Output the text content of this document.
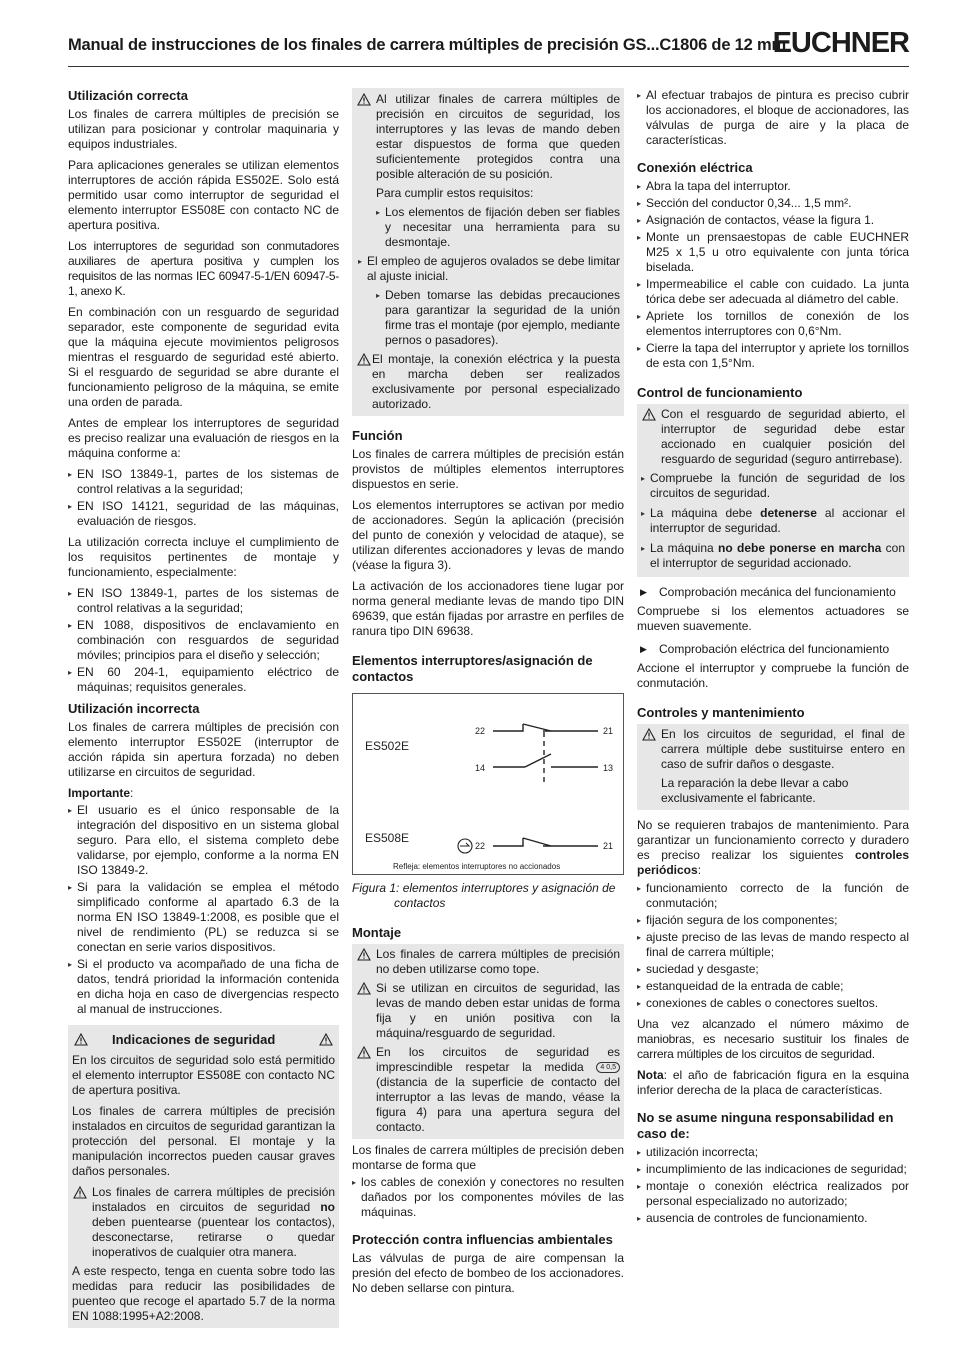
Manual de instrucciones de los finales de carrera múltiples de precisión GS...C1806 de 12 mm
EUCHNER
Utilización correcta

Los finales de carrera múltiples de precisión se utilizan para posicionar y controlar maquinaria y equipos industriales.

Para aplicaciones generales se utilizan elementos interruptores de acción rápida ES502E. Solo está permitido usar como interruptor de seguridad el elemento interruptor ES508E con contacto NC de apertura positiva.

Los interruptores de seguridad son conmutadores auxiliares de apertura positiva y cumplen los requisitos de las normas IEC 60947-5-1/EN 60947-5-1, anexo K.

En combinación con un resguardo de seguridad separador, este componente de seguridad evita que la máquina ejecute movimientos peligrosos mientras el resguardo de seguridad esté abierto. Si el resguardo de seguridad se abre durante el funcionamiento peligroso de la máquina, se emite una orden de parada.

Antes de emplear los interruptores de seguridad es preciso realizar una evaluación de riesgos en la máquina conforme a:

▸ EN ISO 13849-1, partes de los sistemas de control relativas a la seguridad;
▸ EN ISO 14121, seguridad de las máquinas, evaluación de riesgos.

La utilización correcta incluye el cumplimiento de los requisitos pertinentes de montaje y funcionamiento, especialmente:

▸ EN ISO 13849-1, partes de los sistemas de control relativas a la seguridad;
▸ EN 1088, dispositivos de enclavamiento en combinación con resguardos de seguridad móviles; principios para el diseño y selección;
▸ EN 60 204-1, equipamiento eléctrico de máquinas; requisitos generales.
Utilización incorrecta

Los finales de carrera múltiples de precisión con elemento interruptor ES502E (interruptor de acción rápida sin apertura forzada) no deben utilizarse en circuitos de seguridad.

Importante:

▸ El usuario es el único responsable de la integración del dispositivo en un sistema global seguro. Para ello, el sistema completo debe validarse, por ejemplo, conforme a la norma EN ISO 13849-2.
▸ Si para la validación se emplea el método simplificado conforme al apartado 6.3 de la norma EN ISO 13849-1:2008, es posible que el nivel de rendimiento (PL) se reduzca si se conectan en serie varios dispositivos.
▸ Si el producto va acompañado de una ficha de datos, tendrá prioridad la información contenida en dicha hoja en caso de divergencias respecto al manual de instrucciones.
Indicaciones de seguridad

En los circuitos de seguridad solo está permitido el elemento interruptor ES508E con contacto NC de apertura positiva.

Los finales de carrera múltiples de precisión instalados en circuitos de seguridad garantizan la protección del personal. El montaje y la manipulación incorrectos pueden causar graves daños personales.

Los finales de carrera múltiples de precisión instalados en circuitos de seguridad no deben puentearse (puentear los contactos), desconectarse, retirarse o quedar inoperativos de cualquier otra manera.

A este respecto, tenga en cuenta sobre todo las medidas para reducir las posibilidades de puenteo que recoge el apartado 5.7 de la norma EN 1088:1995+A2:2008.

Al utilizar finales de carrera múltiples de precisión en circuitos de seguridad, los interruptores y las levas de mando deben estar dispuestos de forma que queden suficientemente protegidos contra una posible alteración de su posición.
Para cumplir estos requisitos:
▸ Los elementos de fijación deben ser fiables y necesitar una herramienta para su desmontaje.
▸ El empleo de agujeros ovalados se debe limitar al ajuste inicial.
▸ Deben tomarse las debidas precauciones para garantizar la seguridad de la unión firme tras el montaje (por ejemplo, mediante pernos o pasadores).
El montaje, la conexión eléctrica y la puesta en marcha deben ser realizados exclusivamente por personal especializado autorizado.
Función

Los finales de carrera múltiples de precisión están provistos de múltiples elementos interruptores dispuestos en serie.

Los elementos interruptores se activan por medio de accionadores. Según la aplicación (precisión del punto de conexión y velocidad de ataque), se utilizan diferentes accionadores y levas de mando (véase la figura 3).

La activación de los accionadores tiene lugar por norma general mediante levas de mando tipo DIN 69639, que están fijadas por arrastre en perfiles de ranura tipo DIN 69638.

Elementos interruptores/asignación de contactos
ES502E
ES508E
22	21
14	13
22	21
Refleja: elementos interruptores no accionados
Figura 1: elementos interruptores y asignación de
contactos
Montaje
Los finales de carrera múltiples de precisión no deben utilizarse como tope.
Si se utilizan en circuitos de seguridad, las levas de mando deben estar unidas de forma fija y en unión positiva con la máquina/resguardo de seguridad.
En los circuitos de seguridad es imprescindible respetar la medida 4 0,5 (distancia de la superficie de contacto del interruptor a las levas de mando, véase la figura 4) para una apertura segura del contacto.

Los finales de carrera múltiples de precisión deben montarse de forma que

▸ los cables de conexión y conectores no resulten dañados por los componentes móviles de las máquinas.
Protección contra influencias ambientales

Las válvulas de purga de aire compensan la presión del efecto de bombeo de los accionadores. No deben sellarse con pintura.

▸ Al efectuar trabajos de pintura es preciso cubrir los accionadores, el bloque de accionadores, las válvulas de purga de aire y la placa de características.
Conexión eléctrica
▸ Abra la tapa del interruptor.
▸ Sección del conductor 0,34... 1,5 mm².
▸ Asignación de contactos, véase la figura 1.
▸ Monte un prensaestopas de cable EUCHNER M25 x 1,5 u otro equivalente con junta tórica biselada.
▸ Impermeabilice el cable con cuidado. La junta tórica debe ser adecuada al diámetro del cable.
▸ Apriete los tornillos de conexión de los elementos interruptores con 0,6°Nm.
▸ Cierre la tapa del interruptor y apriete los tornillos de esta con 1,5°Nm.
Control de funcionamiento
Con el resguardo de seguridad abierto, el interruptor de seguridad debe estar accionado en cualquier posición del resguardo de seguridad (seguro antirrebase).
▸ Compruebe la función de seguridad de los circuitos de seguridad.
▸ La máquina debe detenerse al accionar el interruptor de seguridad.
▸ La máquina no debe ponerse en marcha con el interruptor de seguridad accionado.
▶ Comprobación mecánica del funcionamiento

Compruebe si los elementos actuadores se mueven suavemente.

▶ Comprobación eléctrica del funcionamiento

Accione el interruptor y compruebe la función de conmutación.

Controles y mantenimiento
En los circuitos de seguridad, el final de carrera múltiple debe sustituirse entero en caso de sufrir daños o desgaste.
La reparación la debe llevar a cabo exclusivamente el fabricante.

No se requieren trabajos de mantenimiento. Para garantizar un funcionamiento correcto y duradero es preciso realizar los siguientes controles periódicos:

▸ funcionamiento correcto de la función de conmutación;
▸ fijación segura de los componentes;
▸ ajuste preciso de las levas de mando respecto al final de carrera múltiple;
▸ suciedad y desgaste;
▸ estanqueidad de la entrada de cable;
▸ conexiones de cables o conectores sueltos.

Una vez alcanzado el número máximo de maniobras, es necesario sustituir los finales de carrera múltiples de los circuitos de seguridad.

Nota: el año de fabricación figura en la esquina inferior derecha de la placa de características.

No se asume ninguna responsabilidad en caso de:
▸ utilización incorrecta;
▸ incumplimiento de las indicaciones de seguridad;
▸ montaje o conexión eléctrica realizados por personal especializado no autorizado;
▸ ausencia de controles de funcionamiento.
